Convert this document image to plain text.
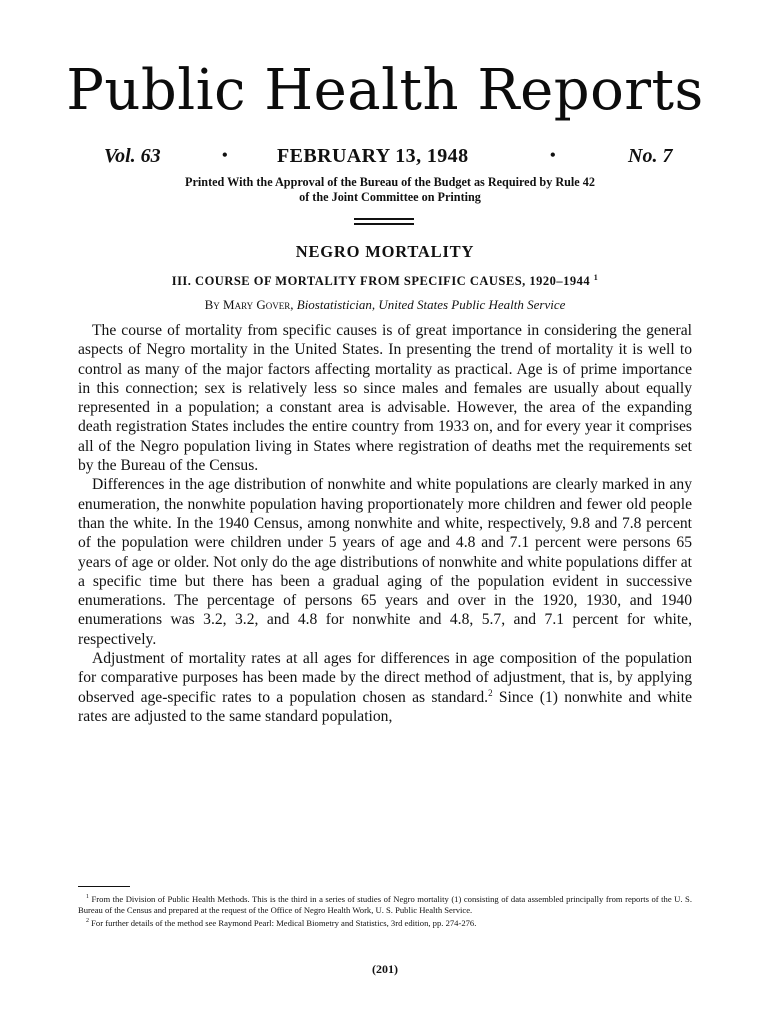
Public Health Reports
Vol. 63	• FEBRUARY 13, 1948	•	No. 7
Printed With the Approval of the Bureau of the Budget as Required by Rule 42
of the Joint Committee on Printing
NEGRO MORTALITY
III. COURSE OF MORTALITY FROM SPECIFIC CAUSES, 1920–1944 $^1$
By Mary Gover, Biostatistician, United States Public Health Service

The course of mortality from specific causes is of great importance in considering the general aspects of Negro mortality in the United States. In presenting the trend of mortality it is well to control as many of the major factors affecting mortality as practical. Age is of prime importance in this connection; sex is relatively less so since males and females are usually about equally represented in a population; a constant area is advisable. However, the area of the expanding death registration States includes the entire country from 1933 on, and for every year it comprises all of the Negro population living in States where registration of deaths met the requirements set by the Bureau of the Census.

Differences in the age distribution of nonwhite and white populations are clearly marked in any enumeration, the nonwhite population having proportionately more children and fewer old people than the white. In the 1940 Census, among nonwhite and white, respectively, 9.8 and 7.8 percent of the population were children under 5 years of age and 4.8 and 7.1 percent were persons 65 years of age or older. Not only do the age distributions of nonwhite and white populations differ at a specific time but there has been a gradual aging of the population evident in successive enumerations. The percentage of persons 65 years and over in the 1920, 1930, and 1940 enumerations was 3.2, 3.2, and 4.8 for nonwhite and 4.8, 5.7, and 7.1 percent for white, respectively.

Adjustment of mortality rates at all ages for differences in age composition of the population for comparative purposes has been made by the direct method of adjustment, that is, by applying observed age-specific rates to a population chosen as standard.$^2$ Since (1) nonwhite and white rates are adjusted to the same standard population,

$^1$ From the Division of Public Health Methods. This is the third in a series of studies of Negro mortality (1) consisting of data assembled principally from reports of the U. S. Bureau of the Census and prepared at the request of the Office of Negro Health Work, U. S. Public Health Service.

$^2$ For further details of the method see Raymond Pearl: Medical Biometry and Statistics, 3rd edition, pp. 274-276.

(201)
